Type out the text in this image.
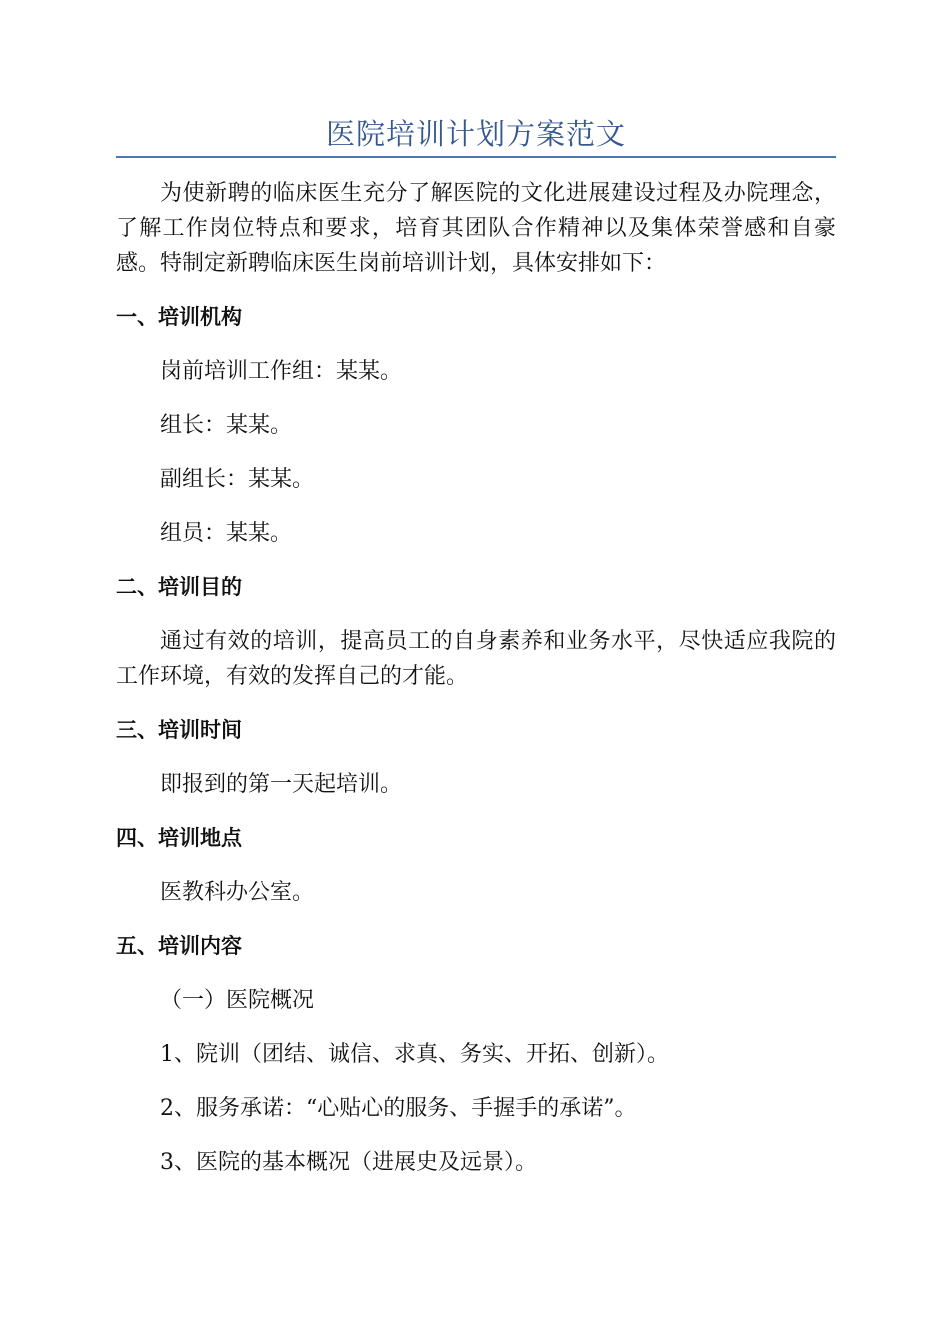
医院培训计划方案范文

为使新聘的临床医生充分了解医院的文化进展建设过程及办院理念，了解工作岗位特点和要求，培育其团队合作精神以及集体荣誉感和自豪感。特制定新聘临床医生岗前培训计划，具体安排如下：

一、培训机构

岗前培训工作组：某某。

组长：某某。

副组长：某某。

组员：某某。

二、培训目的

通过有效的培训，提高员工的自身素养和业务水平，尽快适应我院的工作环境，有效的发挥自己的才能。

三、培训时间

即报到的第一天起培训。

四、培训地点

医教科办公室。

五、培训内容

（一）医院概况

1、院训（团结、诚信、求真、务实、开拓、创新）。

2、服务承诺：“心贴心的服务、手握手的承诺”。

3、医院的基本概况（进展史及远景）。
